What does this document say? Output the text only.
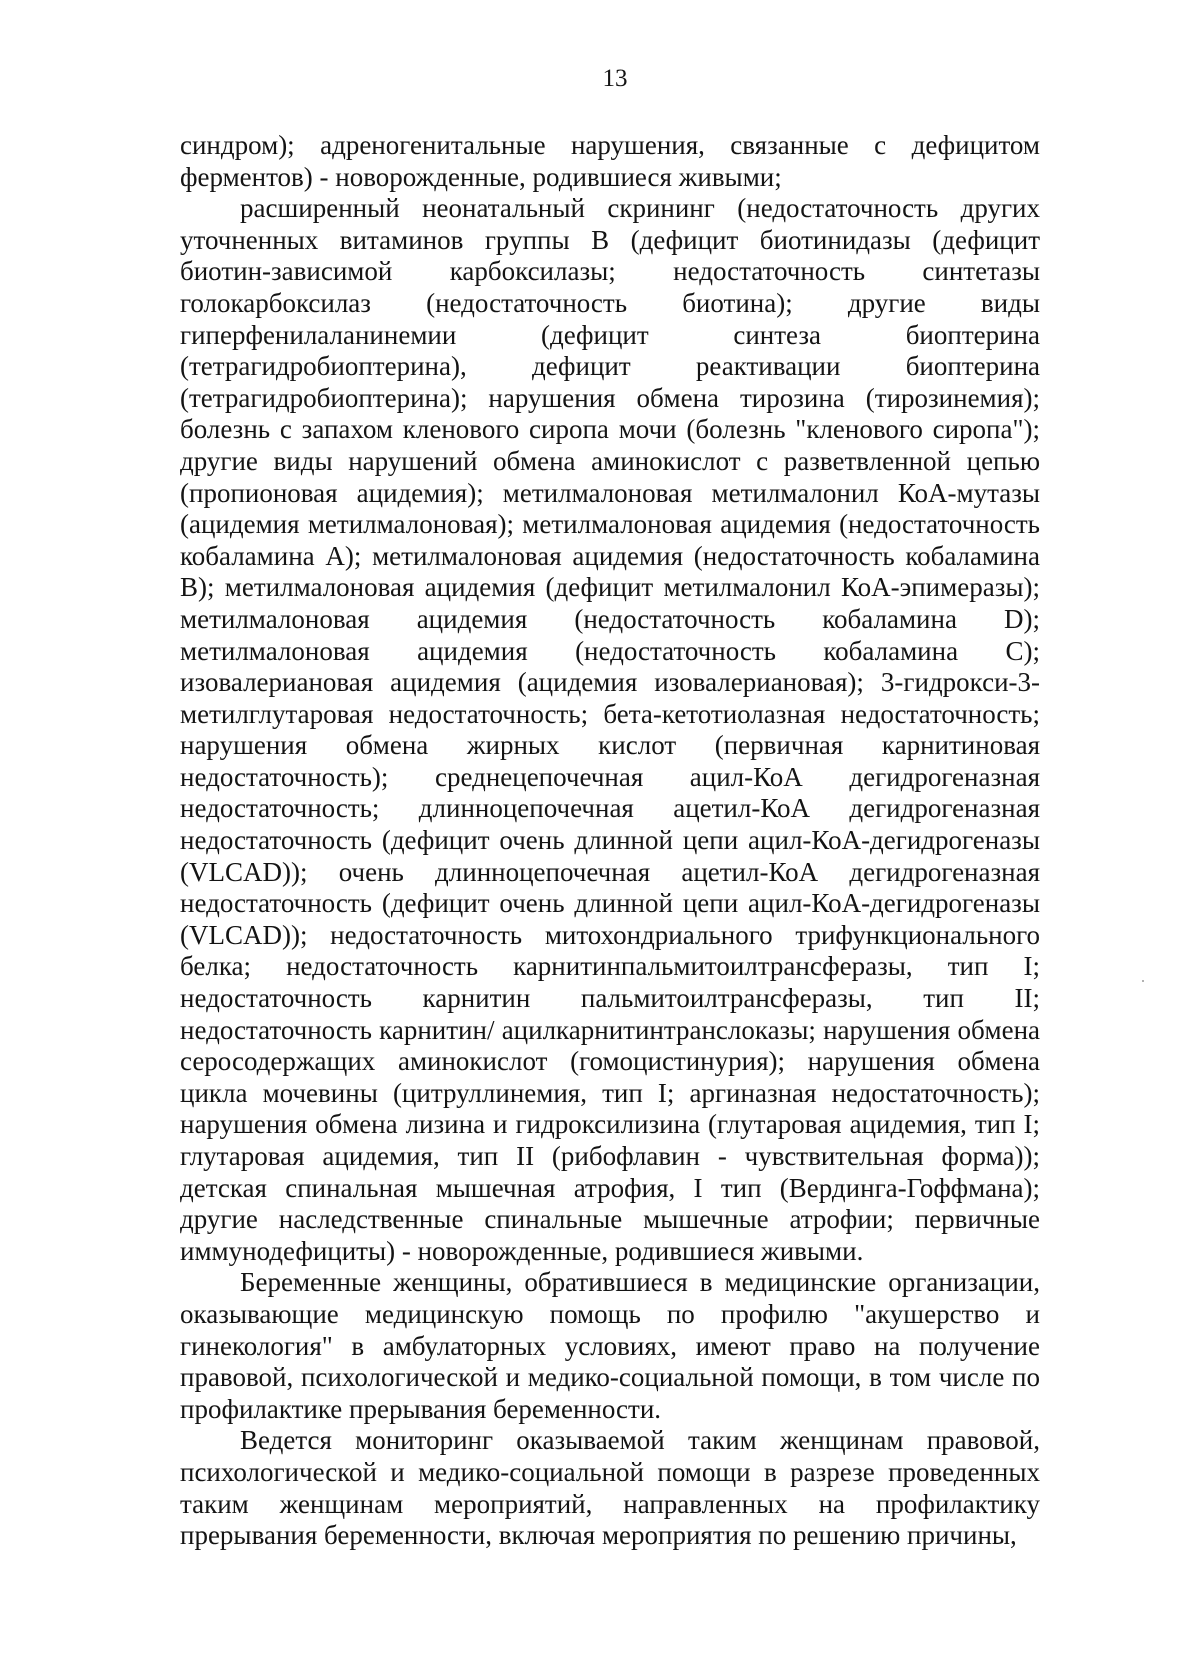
13

синдром); адреногенитальные нарушения, связанные с дефицитом ферментов) - новорожденные, родившиеся живыми;

расширенный неонатальный скрининг (недостаточность других уточненных витаминов группы В (дефицит биотинидазы (дефицит биотин-зависимой карбоксилазы; недостаточность синтетазы голокарбоксилаз (недостаточность биотина); другие виды гиперфенилаланинемии (дефицит синтеза биоптерина (тетрагидробиоптерина), дефицит реактивации биоптерина (тетрагидробиоптерина); нарушения обмена тирозина (тирозинемия); болезнь с запахом кленового сиропа мочи (болезнь "кленового сиропа"); другие виды нарушений обмена аминокислот с разветвленной цепью (пропионовая ацидемия); метилмалоновая метилмалонил КоА-мутазы (ацидемия метилмалоновая); метилмалоновая ацидемия (недостаточность кобаламина А); метилмалоновая ацидемия (недостаточность кобаламина В); метилмалоновая ацидемия (дефицит метилмалонил КоА-эпимеразы); метилмалоновая ацидемия (недостаточность кобаламина D); метилмалоновая ацидемия (недостаточность кобаламина С); изовалериановая ацидемия (ацидемия изовалериановая); 3-гидрокси-3-метилглутаровая недостаточность; бета-кетотиолазная недостаточность; нарушения обмена жирных кислот (первичная карнитиновая недостаточность); среднецепочечная ацил-КоА дегидрогеназная недостаточность; длинноцепочечная ацетил-КоА дегидрогеназная недостаточность (дефицит очень длинной цепи ацил-КоА-дегидрогеназы (VLCAD)); очень длинноцепочечная ацетил-КоА дегидрогеназная недостаточность (дефицит очень длинной цепи ацил-КоА-дегидрогеназы (VLCAD)); недостаточность митохондриального трифункционального белка; недостаточность карнитинпальмитоилтрансферазы, тип I; недостаточность карнитин пальмитоилтрансферазы, тип II; недостаточность карнитин/ ацилкарнитинтранслоказы; нарушения обмена серосодержащих аминокислот (гомоцистинурия); нарушения обмена цикла мочевины (цитруллинемия, тип I; аргиназная недостаточность); нарушения обмена лизина и гидроксилизина (глутаровая ацидемия, тип I; глутаровая ацидемия, тип II (рибофлавин - чувствительная форма)); детская спинальная мышечная атрофия, I тип (Вердинга-Гоффмана); другие наследственные спинальные мышечные атрофии; первичные иммунодефициты) - новорожденные, родившиеся живыми.

Беременные женщины, обратившиеся в медицинские организации, оказывающие медицинскую помощь по профилю "акушерство и гинекология" в амбулаторных условиях, имеют право на получение правовой, психологической и медико-социальной помощи, в том числе по профилактике прерывания беременности.

Ведется мониторинг оказываемой таким женщинам правовой, психологической и медико-социальной помощи в разрезе проведенных таким женщинам мероприятий, направленных на профилактику прерывания беременности, включая мероприятия по решению причины,
